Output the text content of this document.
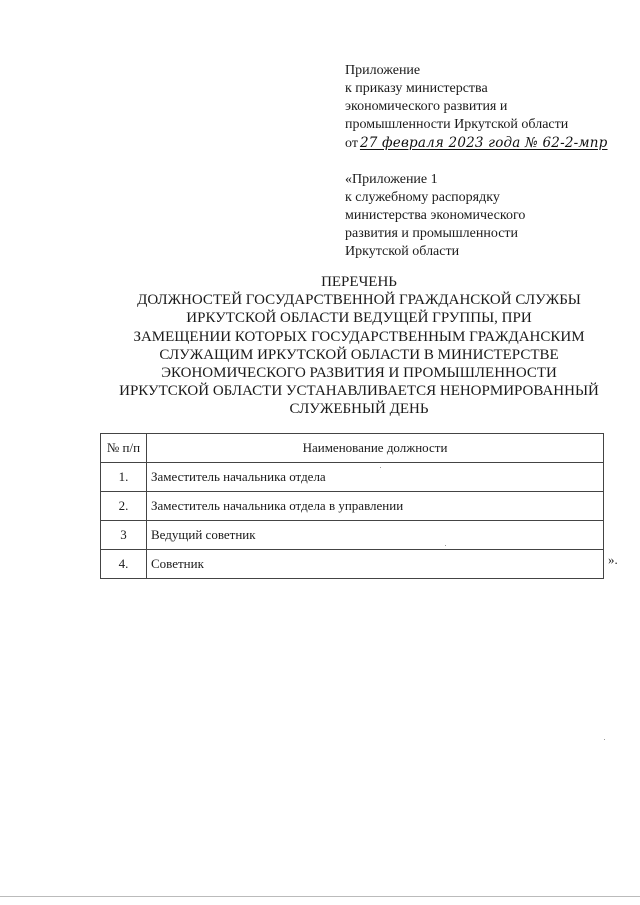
Приложение
к приказу министерства
экономического развития и
промышленности Иркутской области
от 27 февраля 2023 года № 62-2-мпр
«Приложение 1
к служебному распорядку
министерства экономического
развития и промышленности
Иркутской области
ПЕРЕЧЕНЬ
ДОЛЖНОСТЕЙ ГОСУДАРСТВЕННОЙ ГРАЖДАНСКОЙ СЛУЖБЫ
ИРКУТСКОЙ ОБЛАСТИ ВЕДУЩЕЙ ГРУППЫ, ПРИ
ЗАМЕЩЕНИИ КОТОРЫХ ГОСУДАРСТВЕННЫМ ГРАЖДАНСКИМ
СЛУЖАЩИМ ИРКУТСКОЙ ОБЛАСТИ В МИНИСТЕРСТВЕ
ЭКОНОМИЧЕСКОГО РАЗВИТИЯ И ПРОМЫШЛЕННОСТИ
ИРКУТСКОЙ ОБЛАСТИ УСТАНАВЛИВАЕТСЯ НЕНОРМИРОВАННЫЙ
СЛУЖЕБНЫЙ ДЕНЬ
№ п/п	Наименование должности
1.	Заместитель начальника отдела
2.	Заместитель начальника отдела в управлении
3	Ведущий советник
4.	Советник	».
